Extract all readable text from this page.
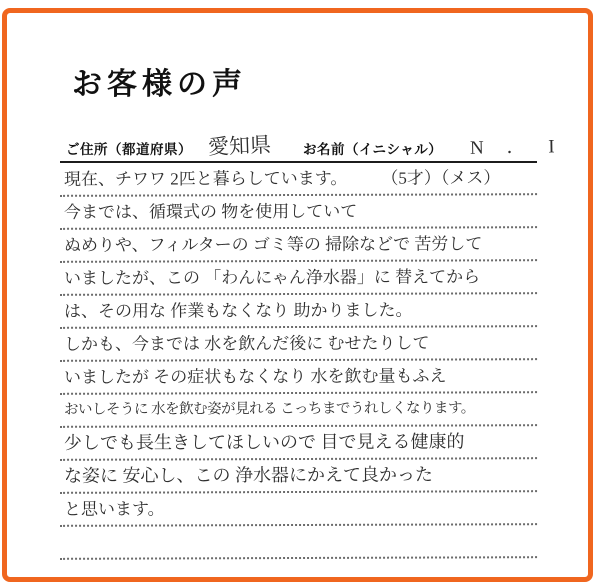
お客様の声
ご住所（都道府県） 愛知県	お名前（イニシャル） N ． I
現在、チワワ 2匹と暮らしています。　　　（5才）（メス）
今までは、循環式の 物を使用していて
ぬめりや、フィルターの ゴミ等の 掃除などで 苦労して
いましたが、この 「わんにゃん浄水器」に 替えてから
は、その用な 作業もなくなり 助かりました。
しかも、今までは 水を飲んだ後に むせたりして
いましたが その症状もなくなり 水を飲む量もふえ
おいしそうに 水を飲む姿が見れる こっちまでうれしくなります。
少しでも長生きしてほしいので 目で見える健康的
な姿に 安心し、この 浄水器にかえて良かった
と思います。
